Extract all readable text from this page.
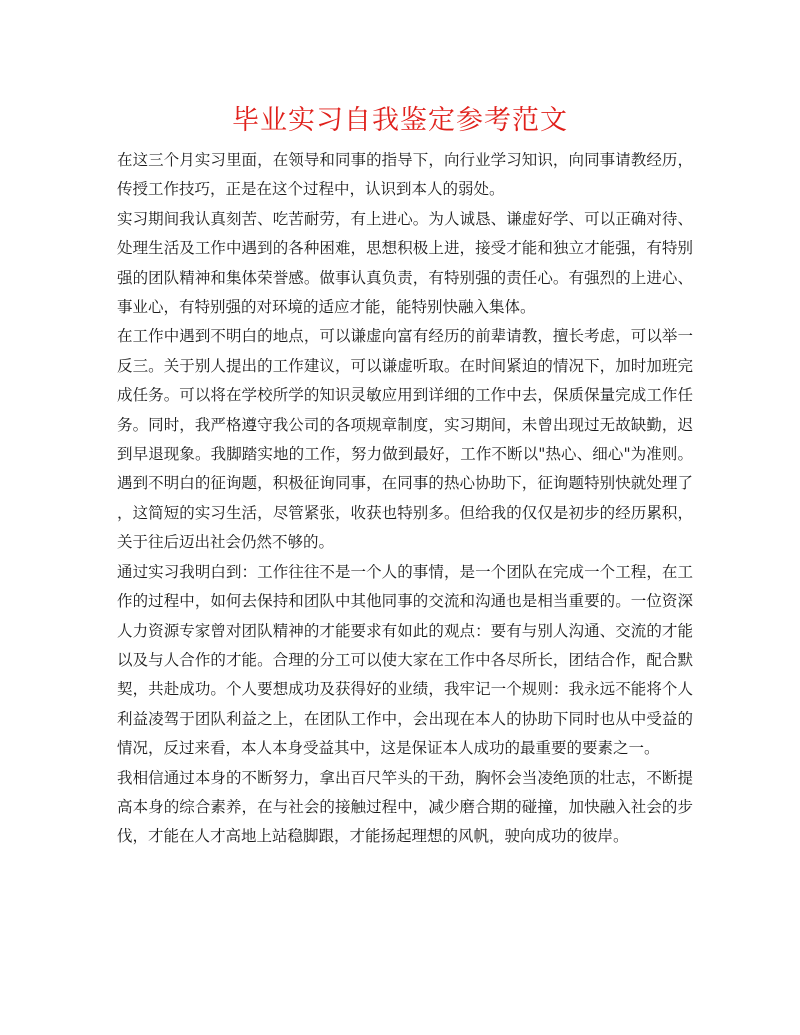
毕业实习自我鉴定参考范文

在这三个月实习里面，在领导和同事的指导下，向行业学习知识，向同事请教经历，传授工作技巧，正是在这个过程中，认识到本人的弱处。

实习期间我认真刻苦、吃苦耐劳，有上进心。为人诚恳、谦虚好学、可以正确对待、处理生活及工作中遇到的各种困难，思想积极上进，接受才能和独立才能强，有特别强的团队精神和集体荣誉感。做事认真负责，有特别强的责任心。有强烈的上进心、事业心，有特别强的对环境的适应才能，能特别快融入集体。

在工作中遇到不明白的地点，可以谦虚向富有经历的前辈请教，擅长考虑，可以举一反三。关于别人提出的工作建议，可以谦虚听取。在时间紧迫的情况下，加时加班完成任务。可以将在学校所学的知识灵敏应用到详细的工作中去，保质保量完成工作任务。同时，我严格遵守我公司的各项规章制度，实习期间，未曾出现过无故缺勤，迟到早退现象。我脚踏实地的工作，努力做到最好，工作不断以"热心、细心"为准则。遇到不明白的征询题，积极征询同事，在同事的热心协助下，征询题特别快就处理了，这简短的实习生活，尽管紧张，收获也特别多。但给我的仅仅是初步的经历累积，关于往后迈出社会仍然不够的。

通过实习我明白到：工作往往不是一个人的事情，是一个团队在完成一个工程，在工作的过程中，如何去保持和团队中其他同事的交流和沟通也是相当重要的。一位资深人力资源专家曾对团队精神的才能要求有如此的观点：要有与别人沟通、交流的才能以及与人合作的才能。合理的分工可以使大家在工作中各尽所长，团结合作，配合默契，共赴成功。个人要想成功及获得好的业绩，我牢记一个规则：我永远不能将个人利益凌驾于团队利益之上，在团队工作中，会出现在本人的协助下同时也从中受益的情况，反过来看，本人本身受益其中，这是保证本人成功的最重要的要素之一。

我相信通过本身的不断努力，拿出百尺竿头的干劲，胸怀会当凌绝顶的壮志，不断提高本身的综合素养，在与社会的接触过程中，减少磨合期的碰撞，加快融入社会的步伐，才能在人才高地上站稳脚跟，才能扬起理想的风帆，驶向成功的彼岸。
